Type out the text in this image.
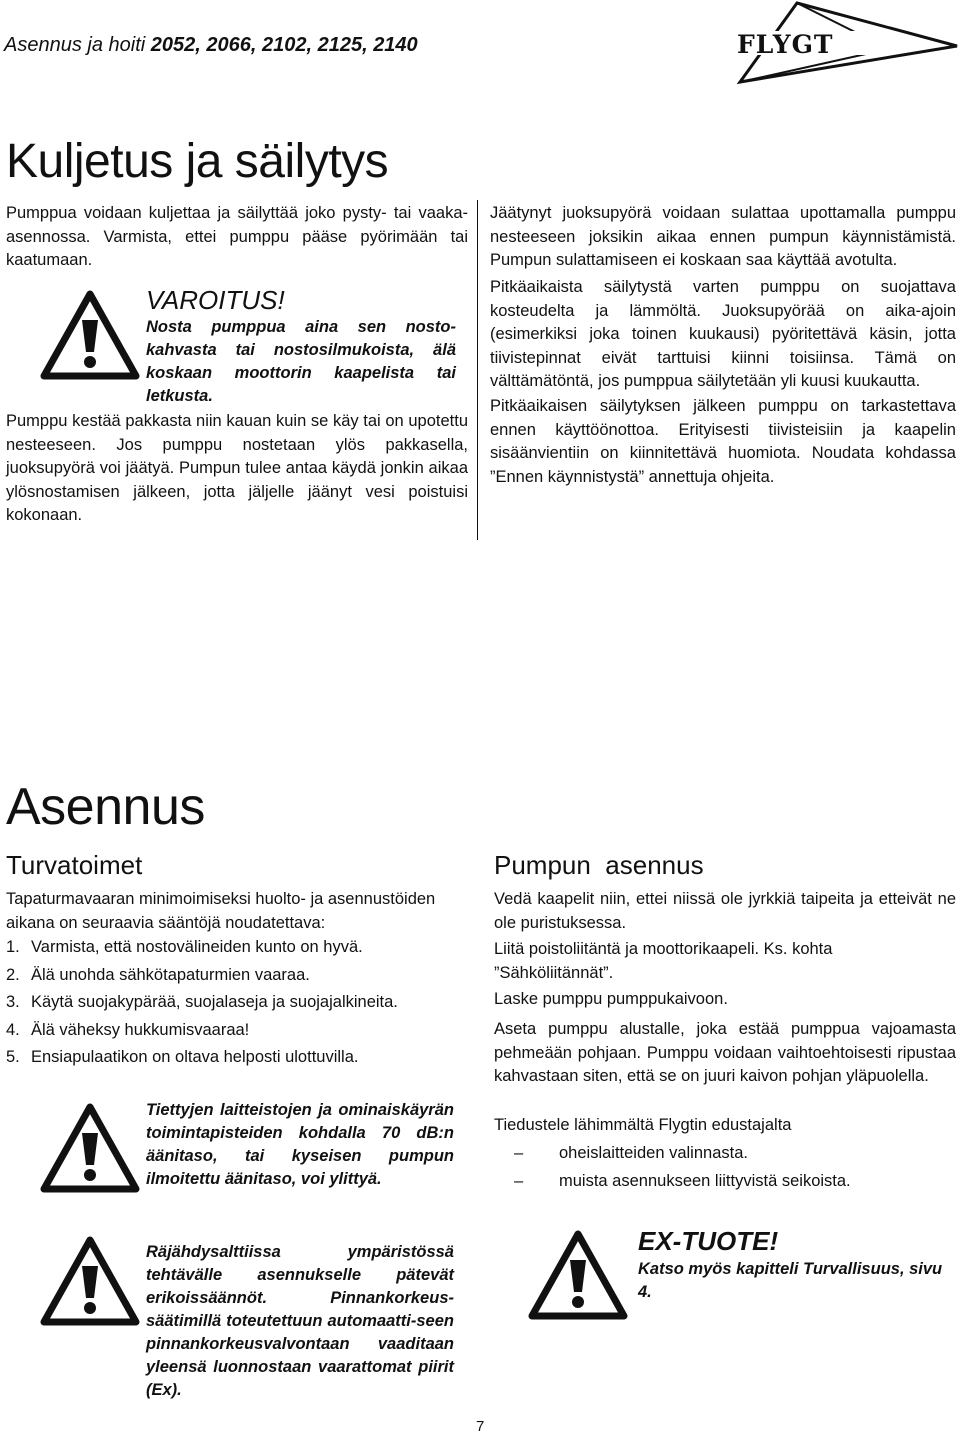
Asennus ja hoiti 2052, 2066, 2102, 2125, 2140	FLYGT
Kuljetus ja säilytys

Pumppua voidaan kuljettaa ja säilyttää joko pysty- tai vaaka-asennossa. Varmista, ettei pumppu pääse pyörimään tai kaatumaan.

VAROITUS!
Nosta pumppua aina sen nosto-kahvasta tai nostosilmukoista, älä koskaan moottorin kaapelista tai letkusta.

Pumppu kestää pakkasta niin kauan kuin se käy tai on upotettu nesteeseen. Jos pumppu nostetaan ylös pakkasella, juoksupyörä voi jäätyä. Pumpun tulee antaa käydä jonkin aikaa ylösnostamisen jälkeen, jotta jäljelle jäänyt vesi poistuisi kokonaan.

Jäätynyt juoksupyörä voidaan sulattaa upottamalla pumppu nesteeseen joksikin aikaa ennen pumpun käynnistämistä. Pumpun sulattamiseen ei koskaan saa käyttää avotulta.

Pitkäaikaista säilytystä varten pumppu on suojattava kosteudelta ja lämmöltä. Juoksupyörää on aika-ajoin (esimerkiksi joka toinen kuukausi) pyöritettävä käsin, jotta tiivistepinnat eivät tarttuisi kiinni toisiinsa. Tämä on välttämätöntä, jos pumppua säilytetään yli kuusi kuukautta.

Pitkäaikaisen säilytyksen jälkeen pumppu on tarkastettava ennen käyttöönottoa. Erityisesti tiivisteisiin ja kaapelin sisäänvientiin on kiinnitettävä huomiota. Noudata kohdassa ”Ennen käynnistystä” annettuja ohjeita.

Asennus
Turvatoimet

Tapaturmavaaran minimoimiseksi huolto- ja asennustöiden aikana on seuraavia sääntöjä noudatettava:

1. Varmista, että nostovälineiden kunto on hyvä.
2. Älä unohda sähkötapaturmien vaaraa.
3. Käytä suojakypärää, suojalaseja ja suojajalkineita.
4. Älä väheksy hukkumisvaaraa!
5. Ensiapulaatikon on oltava helposti ulottuvilla.
Tiettyjen laitteistojen ja ominaiskäyrän toimintapisteiden kohdalla 70 dB:n äänitaso, tai kyseisen pumpun ilmoitettu äänitaso, voi ylittyä.
Räjähdysalttiissa ympäristössä tehtävälle asennukselle pätevät erikoissäännöt. Pinnankorkeus-säätimillä toteutettuun automaatti-seen pinnankorkeusvalvontaan vaaditaan yleensä luonnostaan vaarattomat piirit (Ex).
Pumpun  asennus

Vedä kaapelit niin, ettei niissä ole jyrkkiä taipeita ja etteivät ne ole puristuksessa.

Liitä poistoliitäntä ja moottorikaapeli. Ks. kohta ”Sähköliitännät”.

Laske pumppu pumppukaivoon.

Aseta pumppu alustalle, joka estää pumppua vajoamasta pehmeään pohjaan. Pumppu voidaan vaihtoehtoisesti ripustaa kahvastaan siten, että se on juuri kaivon pohjan yläpuolella.

Tiedustele lähimmältä Flygtin edustajalta

–	oheislaitteiden valinnasta.
–	muista asennukseen liittyvistä seikoista.
EX-TUOTE!
Katso myös kapitteli Turvallisuus, sivu 4.
7
